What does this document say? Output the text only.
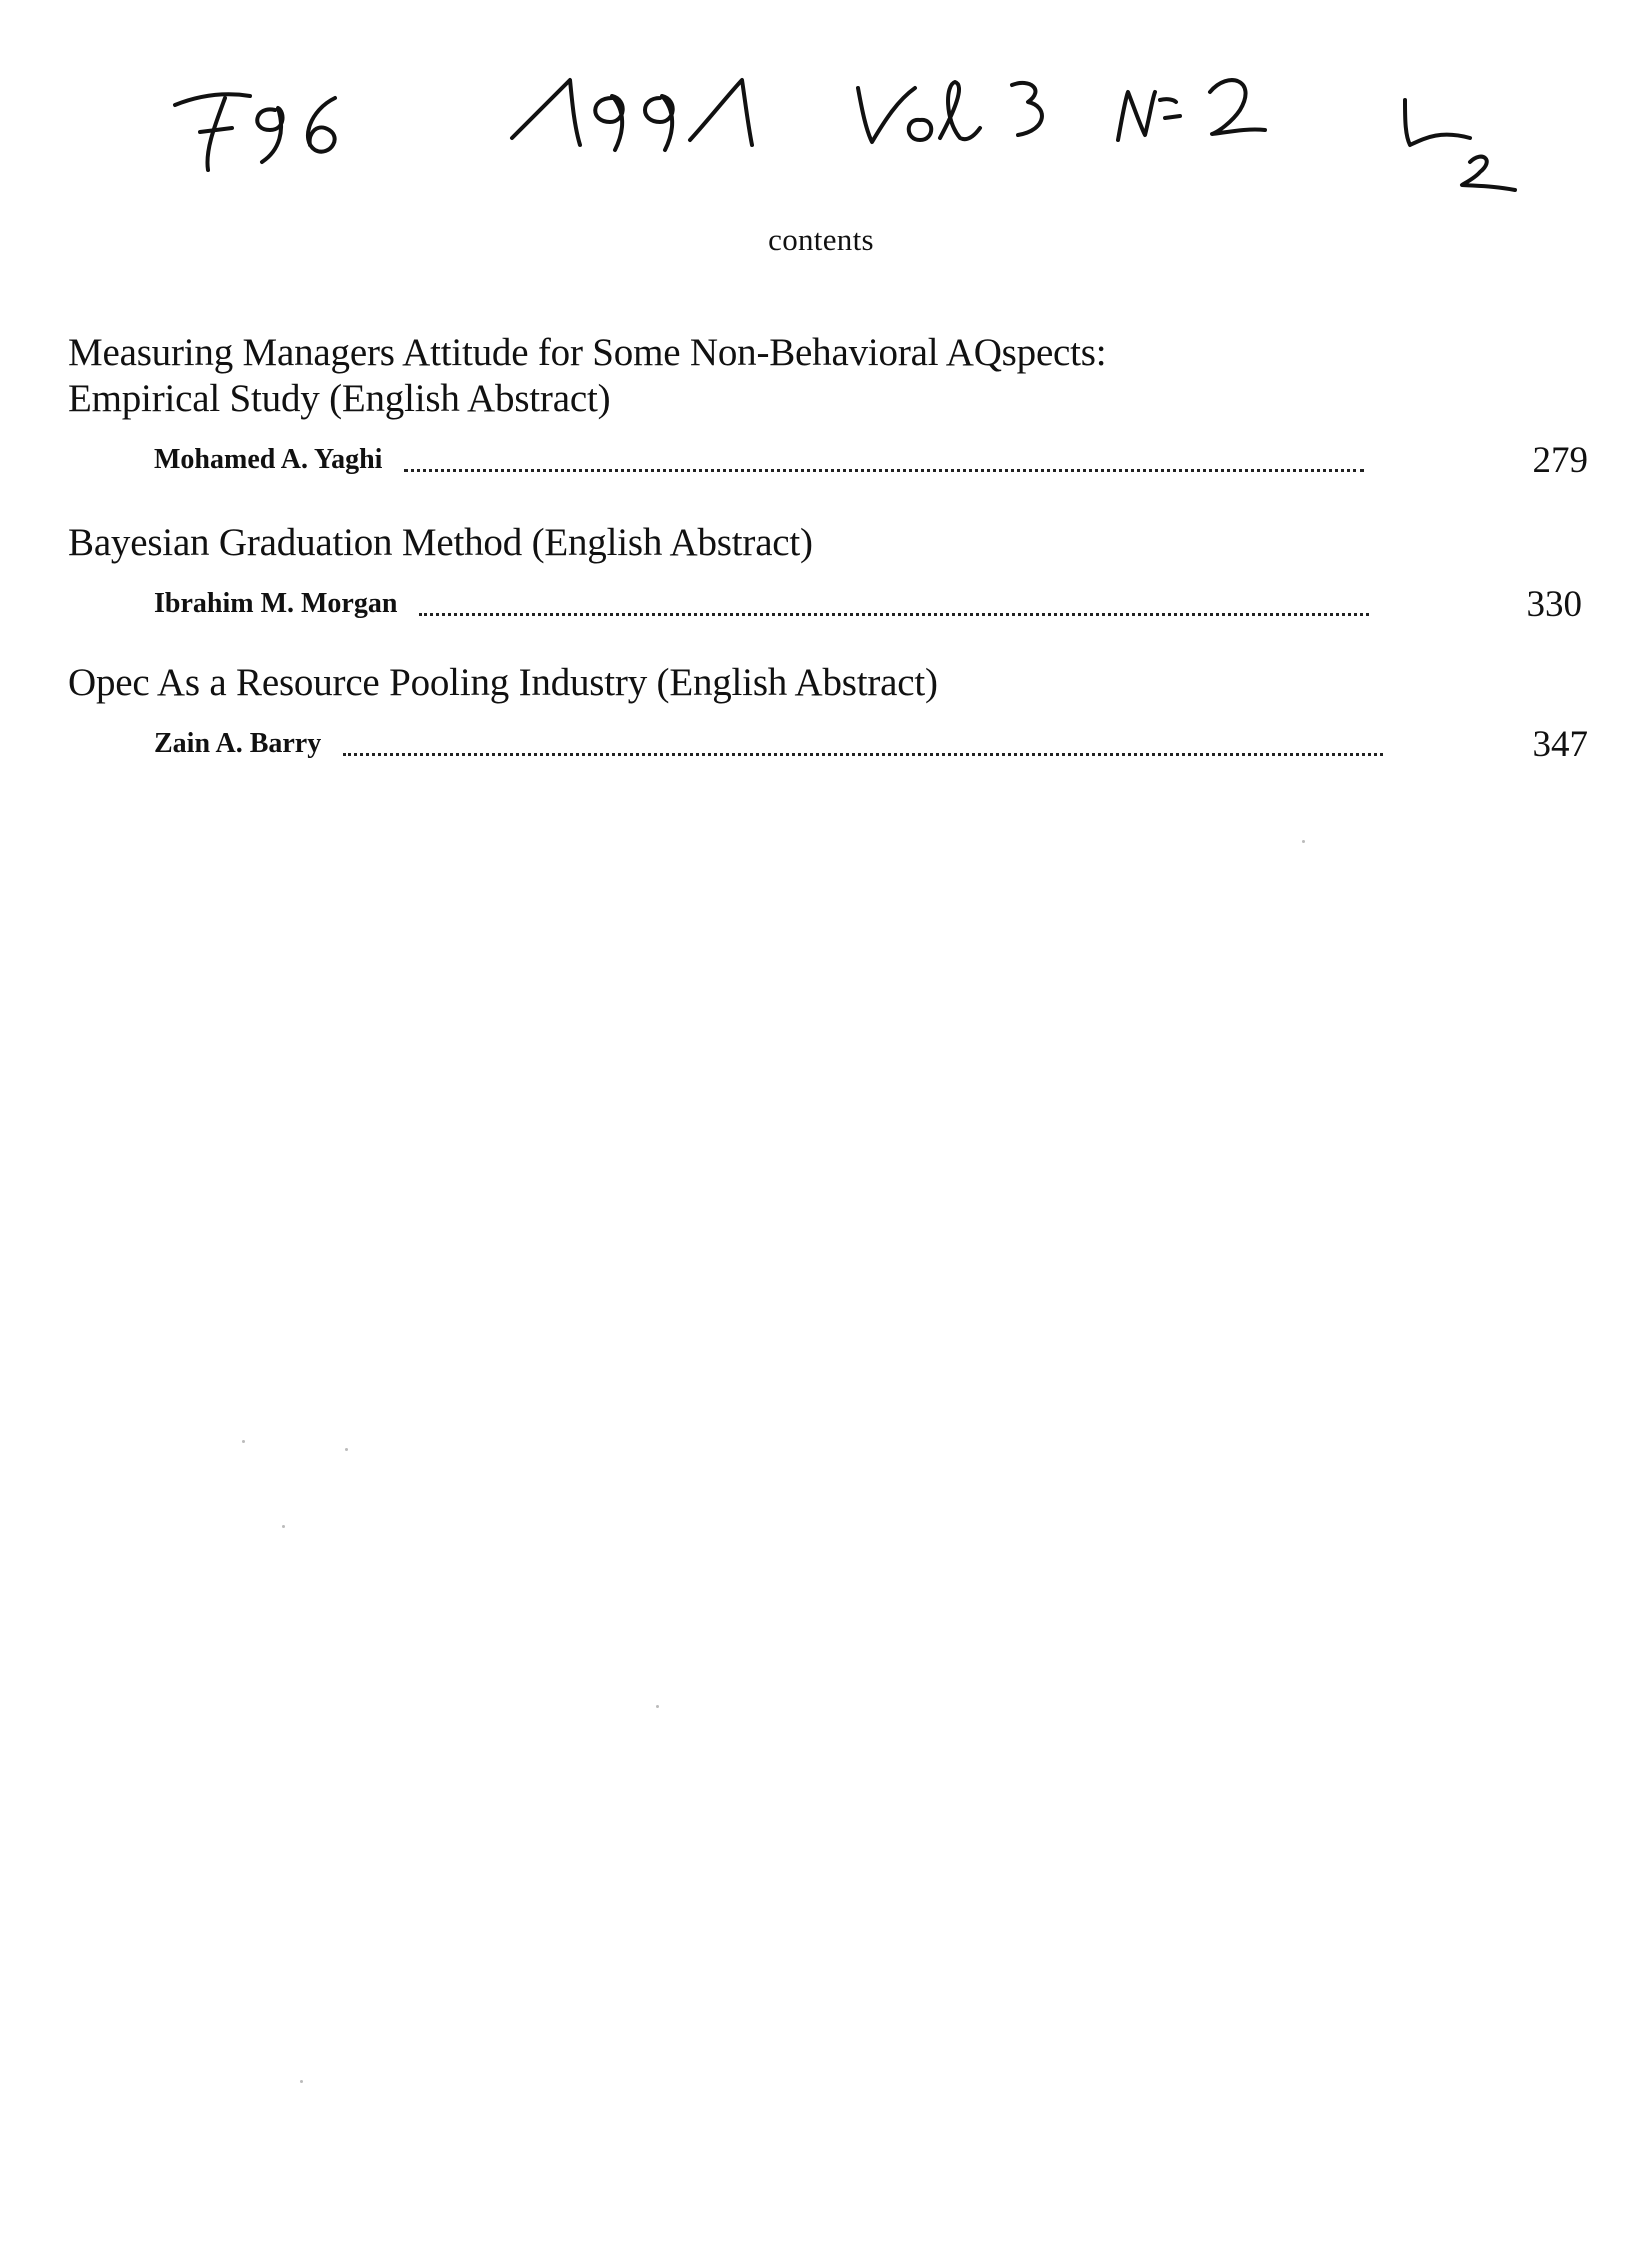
contents
Measuring Managers Attitude for Some Non-Behavioral AQspects:
Empirical Study (English Abstract)
Mohamed A. Yaghi	279
Bayesian Graduation Method (English Abstract)
Ibrahim M. Morgan	330
Opec As a Resource Pooling Industry (English Abstract)
Zain A. Barry	347
